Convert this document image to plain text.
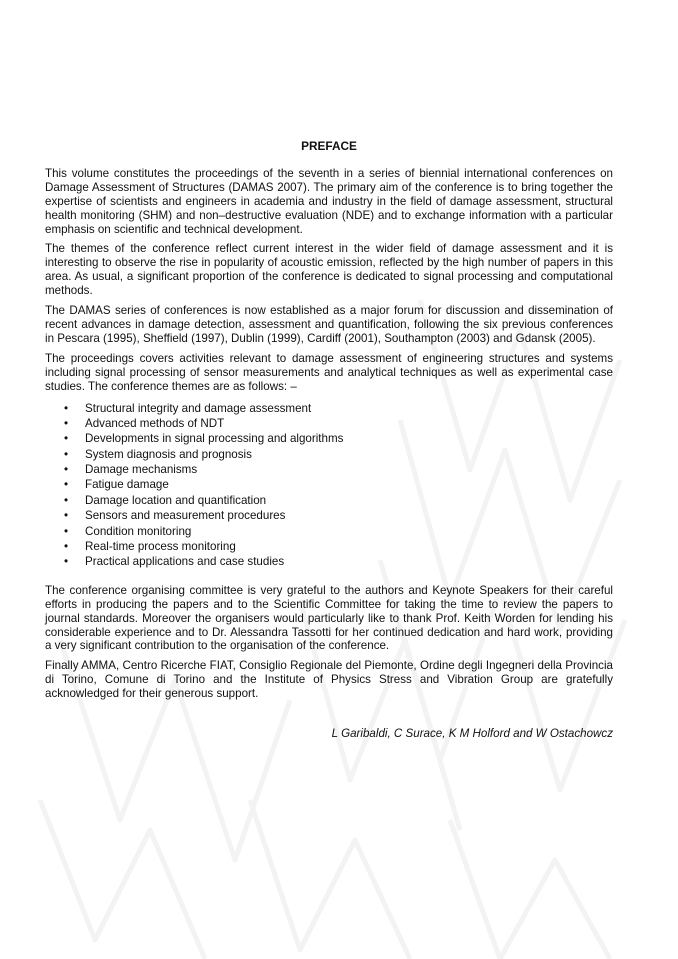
PREFACE

This volume constitutes the proceedings of the seventh in a series of biennial international conferences on Damage Assessment of Structures (DAMAS 2007). The primary aim of the conference is to bring together the expertise of scientists and engineers in academia and industry in the field of damage assessment, structural health monitoring (SHM) and non–destructive evaluation (NDE) and to exchange information with a particular emphasis on scientific and technical development.

The themes of the conference reflect current interest in the wider field of damage assessment and it is interesting to observe the rise in popularity of acoustic emission, reflected by the high number of papers in this area. As usual, a significant proportion of the conference is dedicated to signal processing and computational methods.

The DAMAS series of conferences is now established as a major forum for discussion and dissemination of recent advances in damage detection, assessment and quantification, following the six previous conferences in Pescara (1995), Sheffield (1997), Dublin (1999), Cardiff (2001), Southampton (2003) and Gdansk (2005).

The proceedings covers activities relevant to damage assessment of engineering structures and systems including signal processing of sensor measurements and analytical techniques as well as experimental case studies. The conference themes are as follows: –

• Structural integrity and damage assessment
• Advanced methods of NDT
• Developments in signal processing and algorithms
• System diagnosis and prognosis
• Damage mechanisms
• Fatigue damage
• Damage location and quantification
• Sensors and measurement procedures
• Condition monitoring
• Real-time process monitoring
• Practical applications and case studies

The conference organising committee is very grateful to the authors and Keynote Speakers for their careful efforts in producing the papers and to the Scientific Committee for taking the time to review the papers to journal standards. Moreover the organisers would particularly like to thank Prof. Keith Worden for lending his considerable experience and to Dr. Alessandra Tassotti for her continued dedication and hard work, providing a very significant contribution to the organisation of the conference.

Finally AMMA, Centro Ricerche FIAT, Consiglio Regionale del Piemonte, Ordine degli Ingegneri della Provincia di Torino, Comune di Torino and the Institute of Physics Stress and Vibration Group are gratefully acknowledged for their generous support.

L Garibaldi, C Surace, K M Holford and W Ostachowcz
